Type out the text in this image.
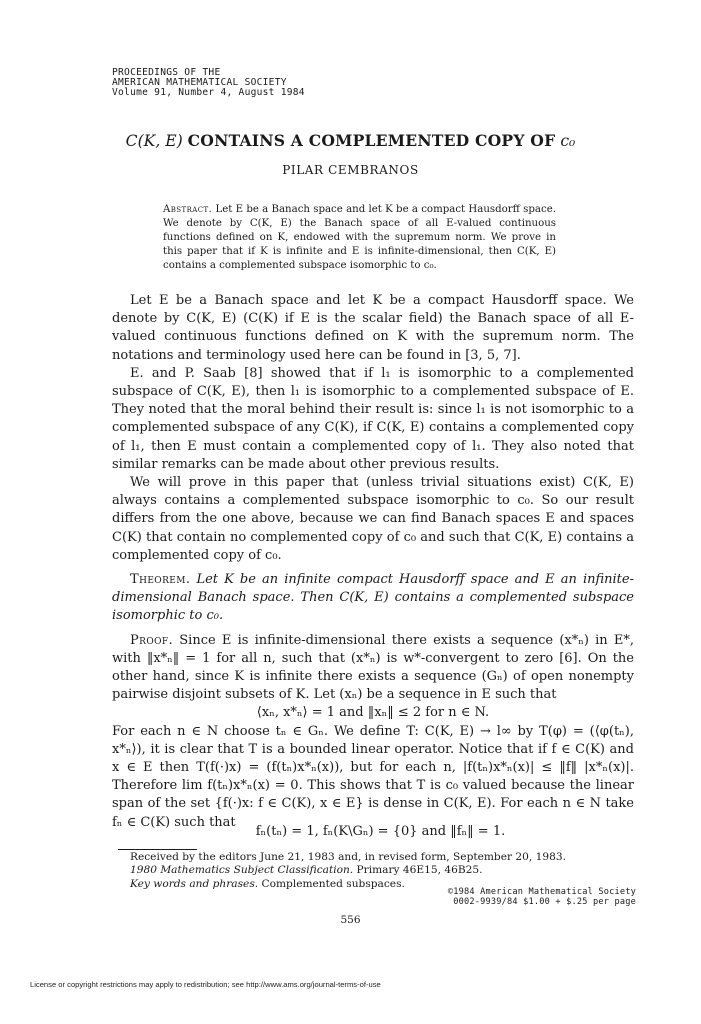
PROCEEDINGS OF THE
AMERICAN MATHEMATICAL SOCIETY
Volume 91, Number 4, August 1984
C(K, E) CONTAINS A COMPLEMENTED COPY OF c₀
PILAR CEMBRANOS
Abstract. Let E be a Banach space and let K be a compact Hausdorff space. We denote by C(K, E) the Banach space of all E-valued continuous functions defined on K, endowed with the supremum norm. We prove in this paper that if K is infinite and E is infinite-dimensional, then C(K, E) contains a complemented subspace isomorphic to c₀.

Let E be a Banach space and let K be a compact Hausdorff space. We denote by C(K, E) (C(K) if E is the scalar field) the Banach space of all E-valued continuous functions defined on K with the supremum norm. The notations and terminology used here can be found in [3, 5, 7].

E. and P. Saab [8] showed that if l₁ is isomorphic to a complemented subspace of C(K, E), then l₁ is isomorphic to a complemented subspace of E. They noted that the moral behind their result is: since l₁ is not isomorphic to a complemented subspace of any C(K), if C(K, E) contains a complemented copy of l₁, then E must contain a complemented copy of l₁. They also noted that similar remarks can be made about other previous results.

We will prove in this paper that (unless trivial situations exist) C(K, E) always contains a complemented subspace isomorphic to c₀. So our result differs from the one above, because we can find Banach spaces E and spaces C(K) that contain no complemented copy of c₀ and such that C(K, E) contains a complemented copy of c₀.

Theorem. Let K be an infinite compact Hausdorff space and E an infinite-dimensional Banach space. Then C(K, E) contains a complemented subspace isomorphic to c₀.

Proof. Since E is infinite-dimensional there exists a sequence (x*ₙ) in E*, with ‖x*ₙ‖ = 1 for all n, such that (x*ₙ) is w*-convergent to zero [6]. On the other hand, since K is infinite there exists a sequence (Gₙ) of open nonempty pairwise disjoint subsets of K. Let (xₙ) be a sequence in E such that

⟨xₙ, x*ₙ⟩ = 1 and ‖xₙ‖ ≤ 2 for n ∈ N.

For each n ∈ N choose tₙ ∈ Gₙ. We define T: C(K, E) → l∞ by T(φ) = (⟨φ(tₙ), x*ₙ⟩), it is clear that T is a bounded linear operator. Notice that if f ∈ C(K) and x ∈ E then T(f(·)x) = (f(tₙ)x*ₙ(x)), but for each n, |f(tₙ)x*ₙ(x)| ≤ ‖f‖ |x*ₙ(x)|. Therefore lim f(tₙ)x*ₙ(x) = 0. This shows that T is c₀ valued because the linear span of the set {f(·)x: f ∈ C(K), x ∈ E} is dense in C(K, E). For each n ∈ N take fₙ ∈ C(K) such that

fₙ(tₙ) = 1, fₙ(K\Gₙ) = {0} and ‖fₙ‖ = 1.
Received by the editors June 21, 1983 and, in revised form, September 20, 1983.
1980 Mathematics Subject Classification. Primary 46E15, 46B25.
Key words and phrases. Complemented subspaces.
©1984 American Mathematical Society
0002-9939/84 $1.00 + $.25 per page
556
License or copyright restrictions may apply to redistribution; see http://www.ams.org/journal-terms-of-use
